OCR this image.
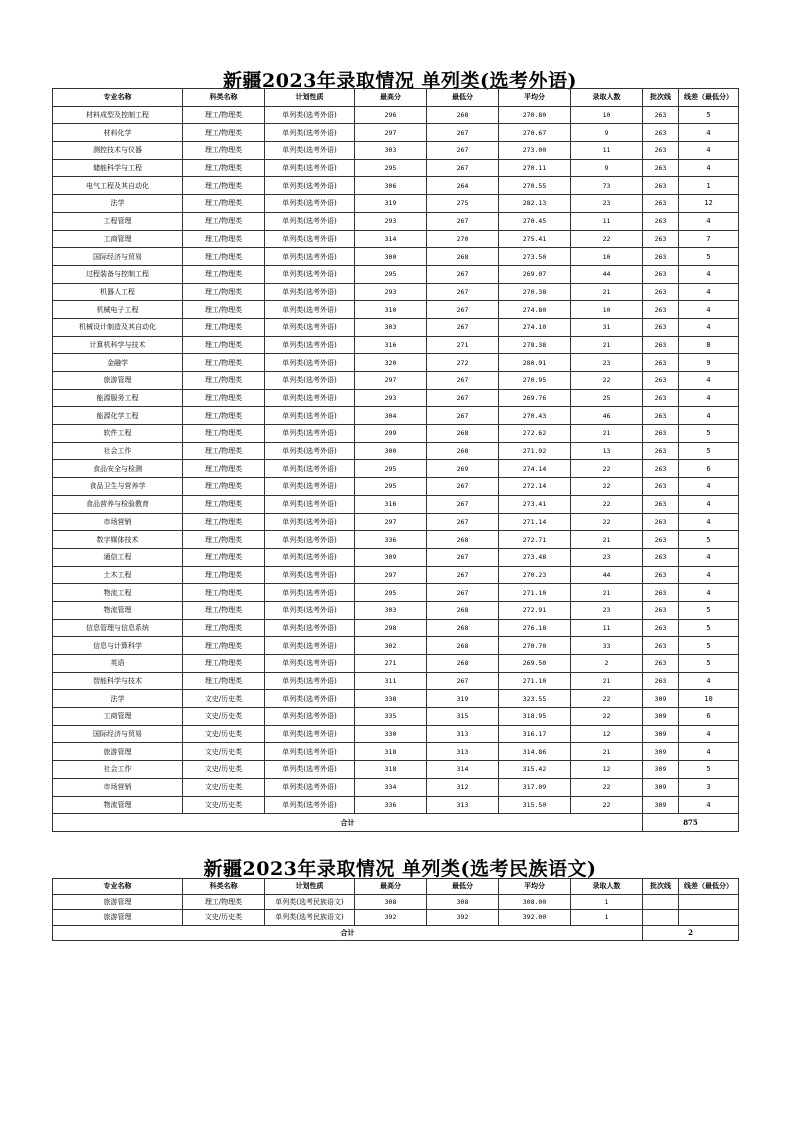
新疆2023年录取情况 单列类(选考外语)
专业名称	科类名称	计划性质	最高分	最低分	平均分	录取人数	批次线	线差（最低分）
材料成型及控制工程	理工/物理类	单列类(选考外语)	296	268	270.80	10	263	5
材料化学	理工/物理类	单列类(选考外语)	297	267	270.67	9	263	4
测控技术与仪器	理工/物理类	单列类(选考外语)	303	267	273.00	11	263	4
储能科学与工程	理工/物理类	单列类(选考外语)	295	267	270.11	9	263	4
电气工程及其自动化	理工/物理类	单列类(选考外语)	306	264	270.55	73	263	1
法学	理工/物理类	单列类(选考外语)	319	275	282.13	23	263	12
工程管理	理工/物理类	单列类(选考外语)	293	267	270.45	11	263	4
工商管理	理工/物理类	单列类(选考外语)	314	270	275.41	22	263	7
国际经济与贸易	理工/物理类	单列类(选考外语)	300	268	273.50	10	263	5
过程装备与控制工程	理工/物理类	单列类(选考外语)	295	267	269.07	44	263	4
机器人工程	理工/物理类	单列类(选考外语)	293	267	270.38	21	263	4
机械电子工程	理工/物理类	单列类(选考外语)	310	267	274.80	10	263	4
机械设计制造及其自动化	理工/物理类	单列类(选考外语)	303	267	274.10	31	263	4
计算机科学与技术	理工/物理类	单列类(选考外语)	316	271	278.38	21	263	8
金融学	理工/物理类	单列类(选考外语)	320	272	280.91	23	263	9
旅游管理	理工/物理类	单列类(选考外语)	297	267	270.95	22	263	4
能源服务工程	理工/物理类	单列类(选考外语)	293	267	269.76	25	263	4
能源化学工程	理工/物理类	单列类(选考外语)	304	267	270.43	46	263	4
软件工程	理工/物理类	单列类(选考外语)	299	268	272.62	21	263	5
社会工作	理工/物理类	单列类(选考外语)	300	268	271.92	13	263	5
食品安全与检测	理工/物理类	单列类(选考外语)	295	269	274.14	22	263	6
食品卫生与营养学	理工/物理类	单列类(选考外语)	295	267	272.14	22	263	4
食品营养与检验教育	理工/物理类	单列类(选考外语)	316	267	273.41	22	263	4
市场营销	理工/物理类	单列类(选考外语)	297	267	271.14	22	263	4
数字媒体技术	理工/物理类	单列类(选考外语)	336	268	272.71	21	263	5
通信工程	理工/物理类	单列类(选考外语)	309	267	273.48	23	263	4
土木工程	理工/物理类	单列类(选考外语)	297	267	270.23	44	263	4
物流工程	理工/物理类	单列类(选考外语)	295	267	271.10	21	263	4
物流管理	理工/物理类	单列类(选考外语)	303	268	272.91	23	263	5
信息管理与信息系统	理工/物理类	单列类(选考外语)	298	268	276.18	11	263	5
信息与计算科学	理工/物理类	单列类(选考外语)	302	268	270.70	33	263	5
英语	理工/物理类	单列类(选考外语)	271	268	269.50	2	263	5
智能科学与技术	理工/物理类	单列类(选考外语)	311	267	271.10	21	263	4
法学	文史/历史类	单列类(选考外语)	338	319	323.55	22	309	10
工商管理	文史/历史类	单列类(选考外语)	335	315	318.95	22	309	6
国际经济与贸易	文史/历史类	单列类(选考外语)	330	313	316.17	12	309	4
旅游管理	文史/历史类	单列类(选考外语)	318	313	314.86	21	309	4
社会工作	文史/历史类	单列类(选考外语)	318	314	315.42	12	309	5
市场营销	文史/历史类	单列类(选考外语)	334	312	317.09	22	309	3
物流管理	文史/历史类	单列类(选考外语)	336	313	315.50	22	309	4
合计							875	
新疆2023年录取情况 单列类(选考民族语文)
专业名称	科类名称	计划性质	最高分	最低分	平均分	录取人数	批次线	线差（最低分）
旅游管理	理工/物理类	单列类(选考民族语文)	308	308	308.00	1		
旅游管理	文史/历史类	单列类(选考民族语文)	392	392	392.00	1		
合计							2	
